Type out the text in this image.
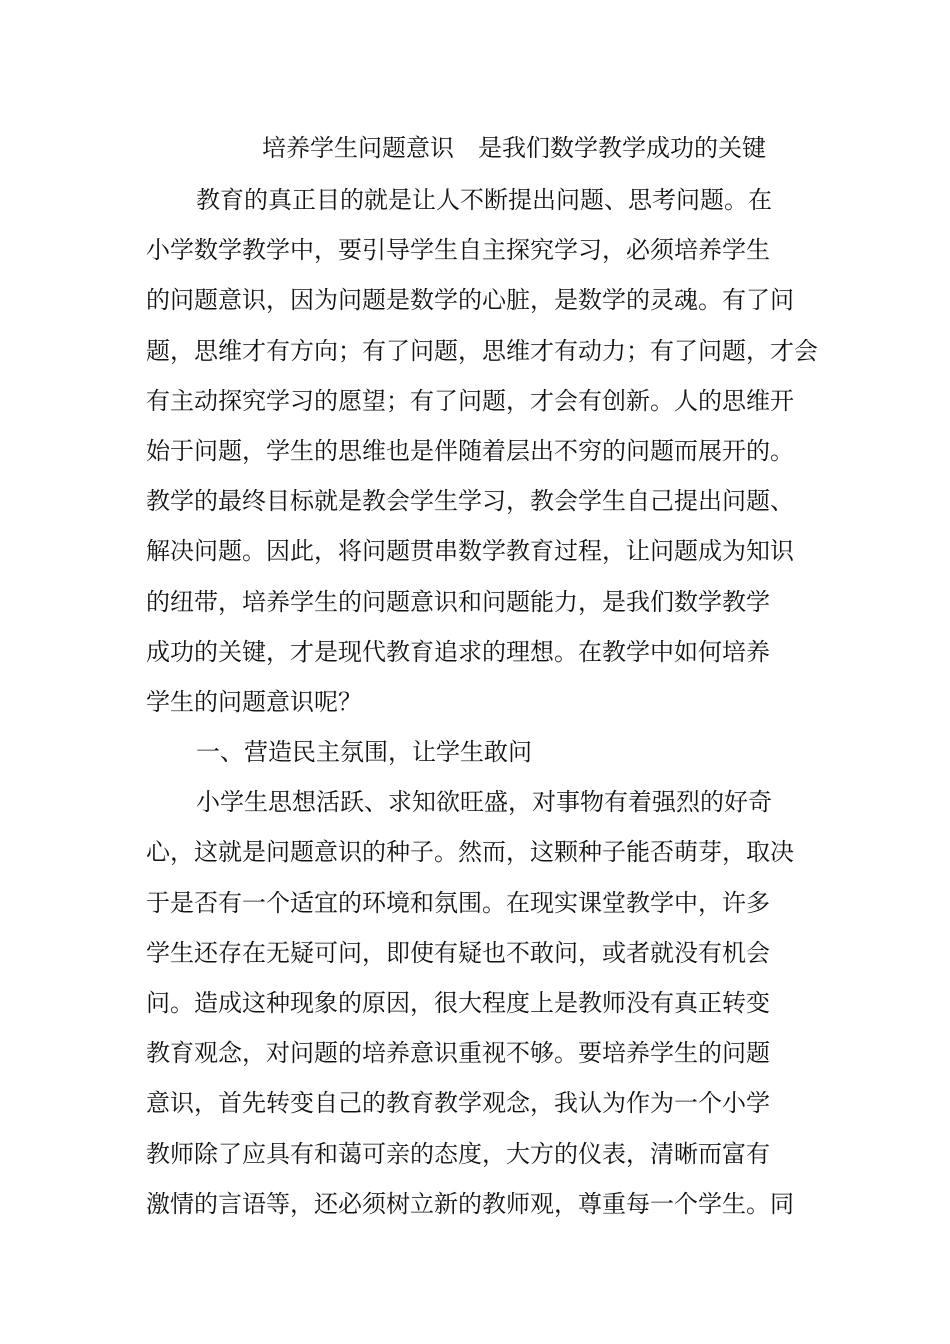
培养学生问题意识　是我们数学教学成功的关键
教育的真正目的就是让人不断提出问题、思考问题。在
小学数学教学中，要引导学生自主探究学习，必须培养学生
的问题意识，因为问题是数学的心脏，是数学的灵魂。有了问
题，思维才有方向；有了问题，思维才有动力；有了问题，才会
有主动探究学习的愿望；有了问题，才会有创新。人的思维开
始于问题，学生的思维也是伴随着层出不穷的问题而展开的。
教学的最终目标就是教会学生学习，教会学生自己提出问题、
解决问题。因此，将问题贯串数学教育过程，让问题成为知识
的纽带，培养学生的问题意识和问题能力，是我们数学教学
成功的关键，才是现代教育追求的理想。在教学中如何培养
学生的问题意识呢？
一、营造民主氛围，让学生敢问
小学生思想活跃、求知欲旺盛，对事物有着强烈的好奇
心，这就是问题意识的种子。然而，这颗种子能否萌芽，取决
于是否有一个适宜的环境和氛围。在现实课堂教学中，许多
学生还存在无疑可问，即使有疑也不敢问，或者就没有机会
问。造成这种现象的原因，很大程度上是教师没有真正转变
教育观念，对问题的培养意识重视不够。要培养学生的问题
意识，首先转变自己的教育教学观念，我认为作为一个小学
教师除了应具有和蔼可亲的态度，大方的仪表，清晰而富有
激情的言语等，还必须树立新的教师观，尊重每一个学生。同
